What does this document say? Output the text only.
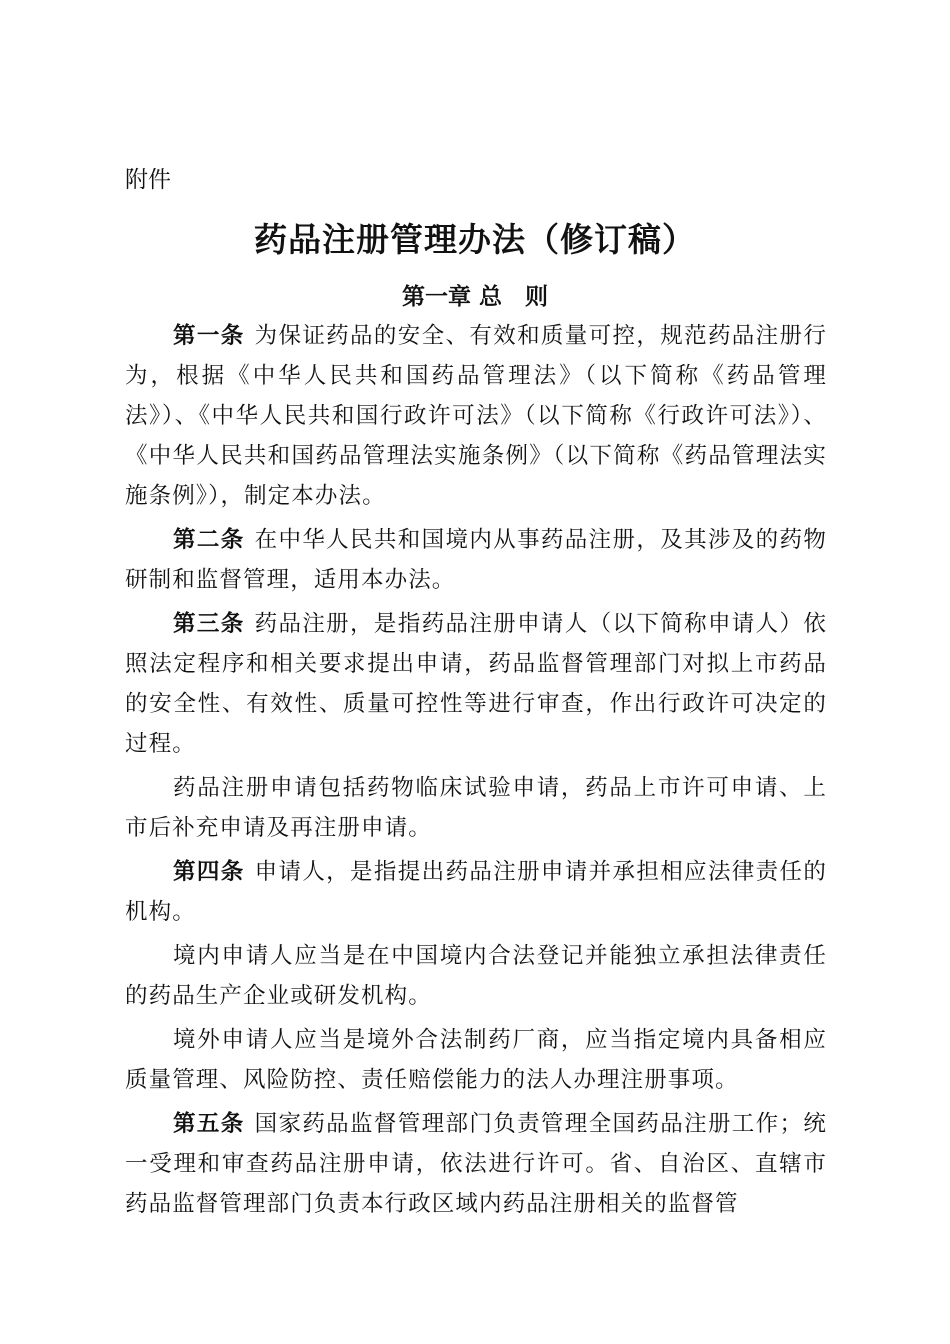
附件
药品注册管理办法（修订稿）
第一章 总　则

第一条 为保证药品的安全、有效和质量可控，规范药品注册行为，根据《中华人民共和国药品管理法》（以下简称《药品管理法》）、《中华人民共和国行政许可法》（以下简称《行政许可法》）、《中华人民共和国药品管理法实施条例》（以下简称《药品管理法实施条例》），制定本办法。

第二条 在中华人民共和国境内从事药品注册，及其涉及的药物研制和监督管理，适用本办法。

第三条 药品注册，是指药品注册申请人（以下简称申请人）依照法定程序和相关要求提出申请，药品监督管理部门对拟上市药品的安全性、有效性、质量可控性等进行审查，作出行政许可决定的过程。

药品注册申请包括药物临床试验申请，药品上市许可申请、上市后补充申请及再注册申请。

第四条 申请人，是指提出药品注册申请并承担相应法律责任的机构。

境内申请人应当是在中国境内合法登记并能独立承担法律责任的药品生产企业或研发机构。

境外申请人应当是境外合法制药厂商，应当指定境内具备相应质量管理、风险防控、责任赔偿能力的法人办理注册事项。

第五条 国家药品监督管理部门负责管理全国药品注册工作；统一受理和审查药品注册申请，依法进行许可。省、自治区、直辖市药品监督管理部门负责本行政区域内药品注册相关的监督管
